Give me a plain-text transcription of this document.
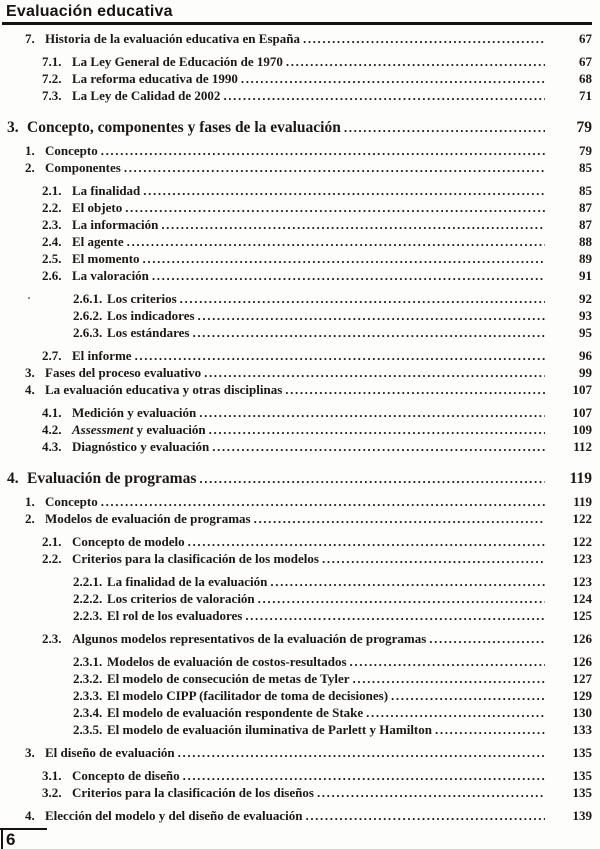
Evaluación educativa
7. Historia de la evaluación educativa en España .....	67
7.1. La Ley General de Educación de 1970 .....	67
7.2. La reforma educativa de 1990 .....	68
7.3. La Ley de Calidad de 2002 .....	71
3. Concepto, componentes y fases de la evaluación .....	79
1. Concepto .....	79
2. Componentes .....	85
2.1. La finalidad .....	85
2.2. El objeto .....	87
2.3. La información .....	87
2.4. El agente .....	88
2.5. El momento .....	89
2.6. La valoración .....	91
2.6.1. Los criterios .....	92
2.6.2. Los indicadores .....	93
2.6.3. Los estándares .....	95
2.7. El informe .....	96
3. Fases del proceso evaluativo .....	99
4. La evaluación educativa y otras disciplinas .....	107
4.1. Medición y evaluación .....	107
4.2. Assessment y evaluación .....	109
4.3. Diagnóstico y evaluación .....	112
4. Evaluación de programas .....	119
1. Concepto .....	119
2. Modelos de evaluación de programas .....	122
2.1. Concepto de modelo .....	122
2.2. Criterios para la clasificación de los modelos .....	123
2.2.1. La finalidad de la evaluación .....	123
2.2.2. Los criterios de valoración .....	124
2.2.3. El rol de los evaluadores .....	125
2.3. Algunos modelos representativos de la evaluación de programas .....	126
2.3.1. Modelos de evaluación de costos-resultados .....	126
2.3.2. El modelo de consecución de metas de Tyler .....	127
2.3.3. El modelo CIPP (facilitador de toma de decisiones) .....	129
2.3.4. El modelo de evaluación respondente de Stake .....	130
2.3.5. El modelo de evaluación iluminativa de Parlett y Hamilton .....	133
3. El diseño de evaluación .....	135
3.1. Concepto de diseño .....	135
3.2. Criterios para la clasificación de los diseños .....	135
4. Elección del modelo y del diseño de evaluación .....	139
6
